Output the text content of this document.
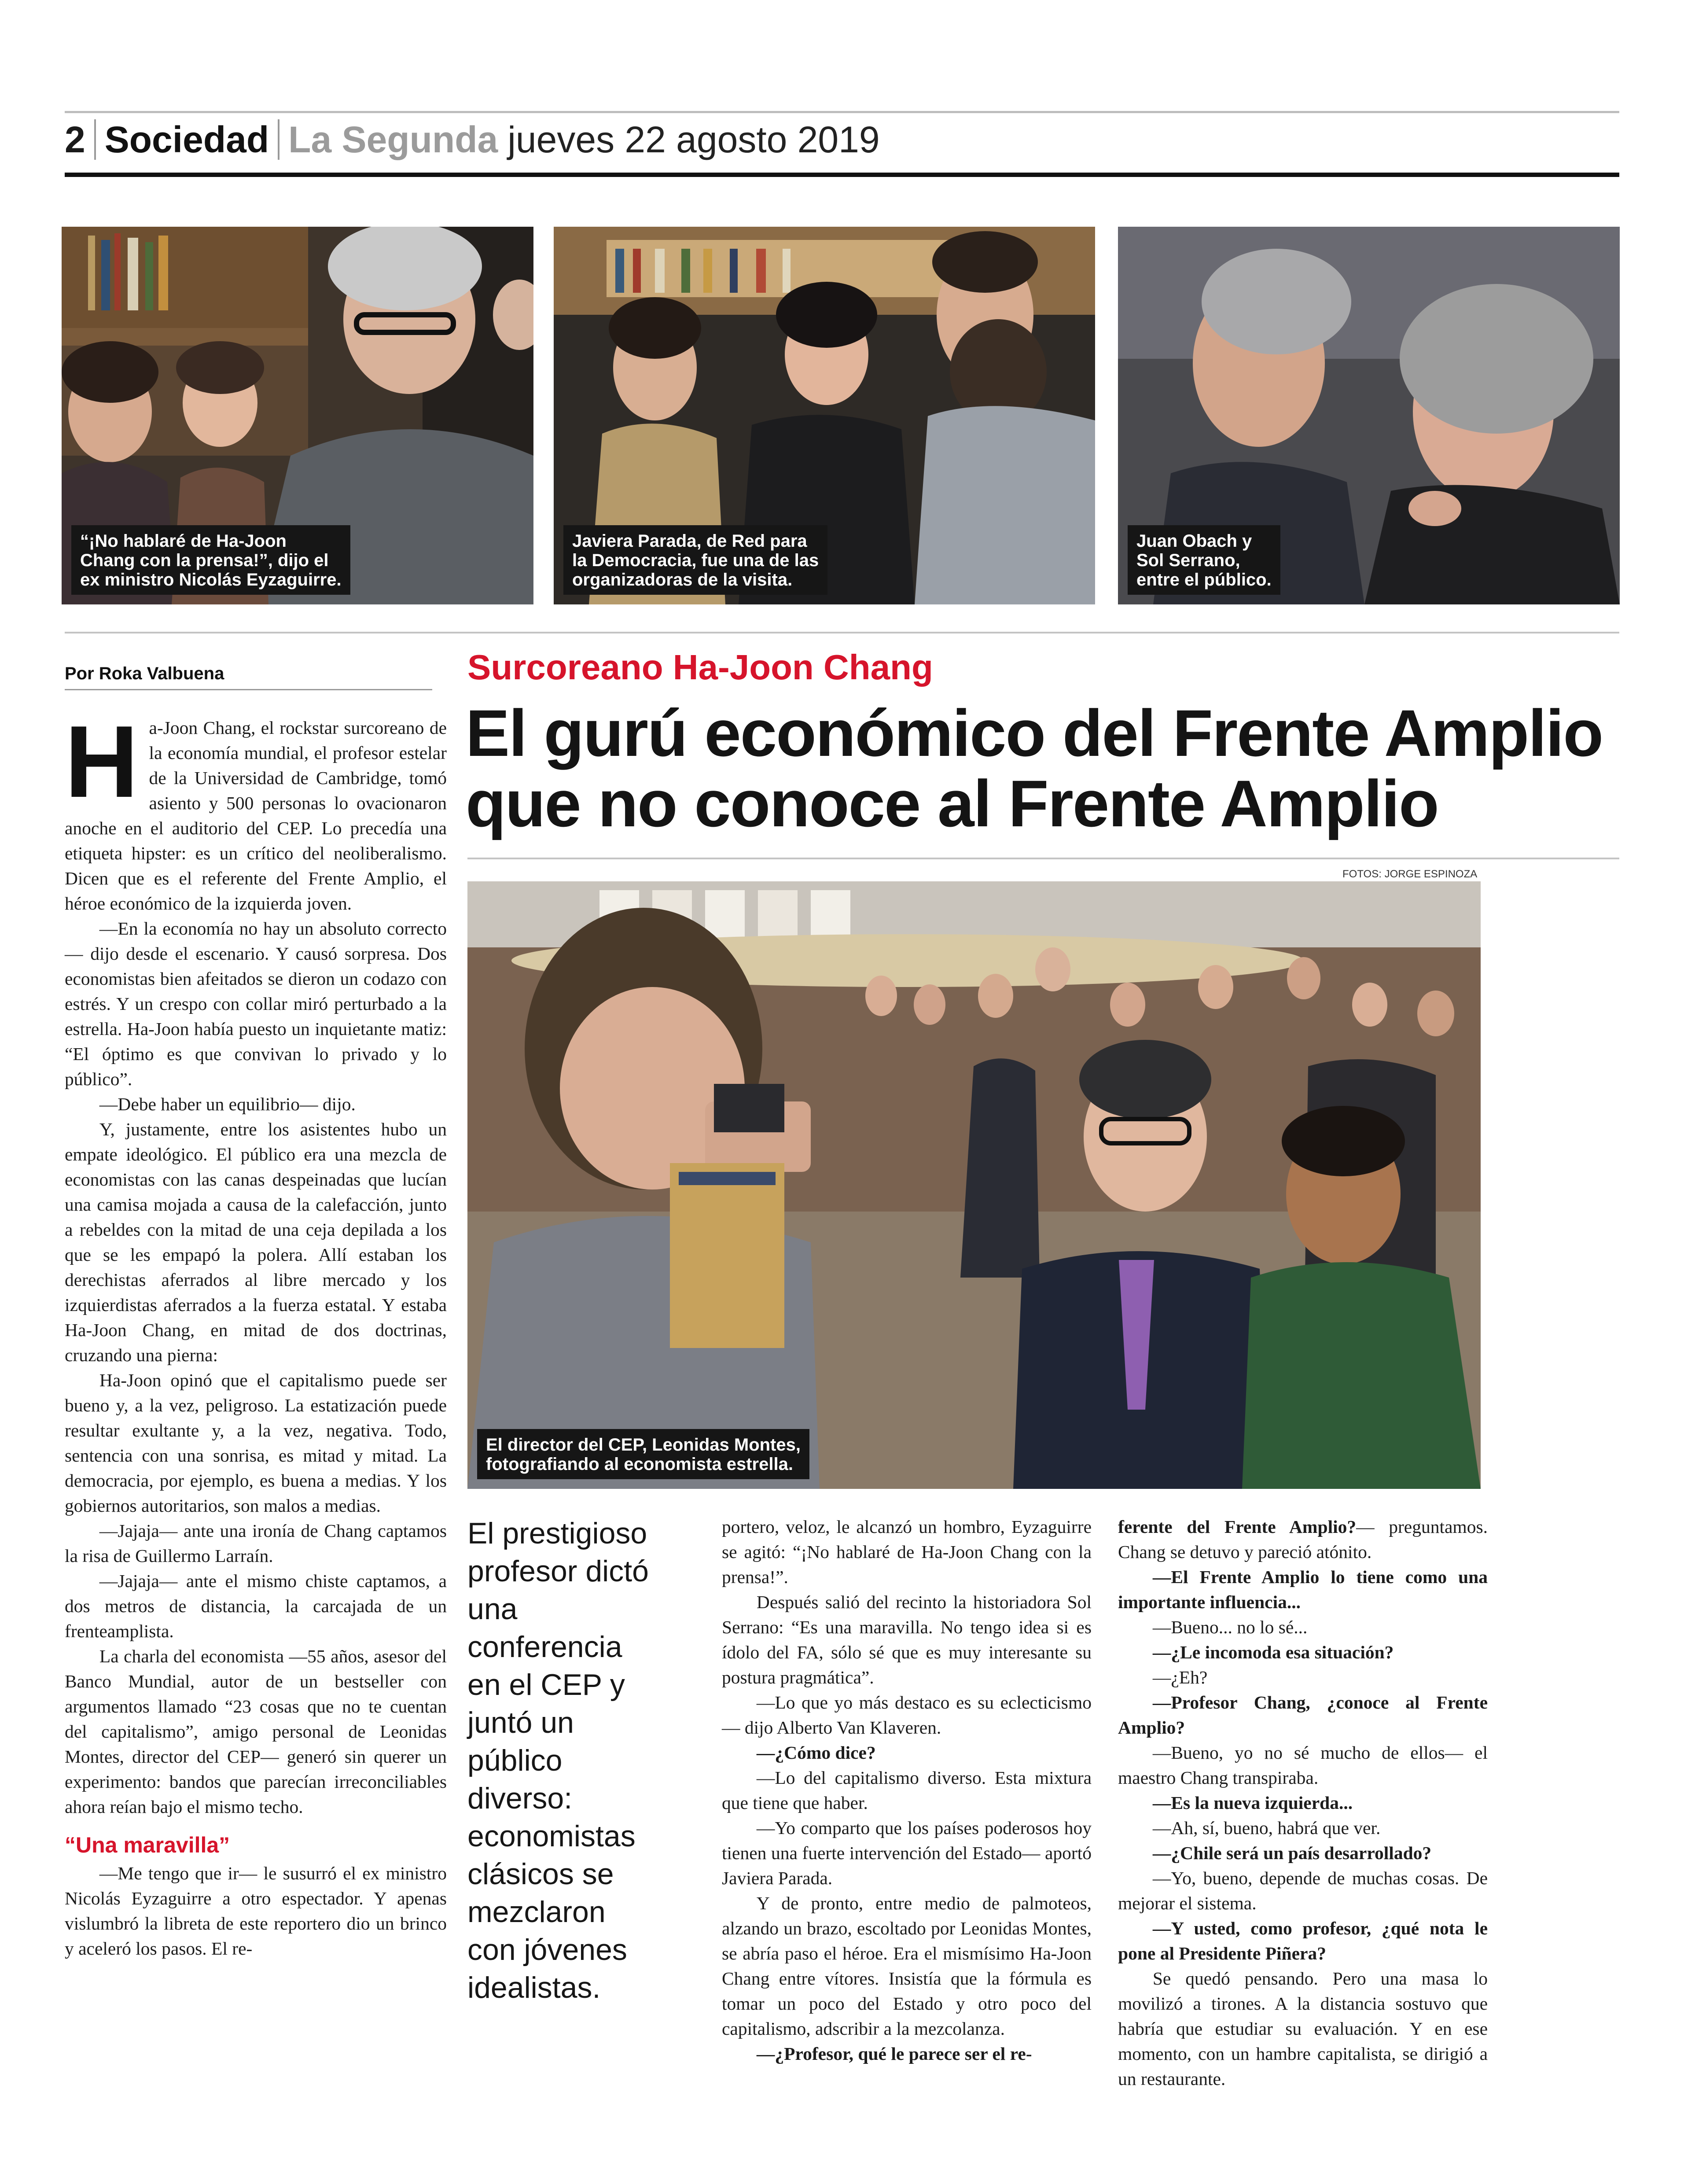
2 Sociedad La Segunda jueves 22 agosto 2019
“¡No hablaré de Ha-Joon
Chang con la prensa!”, dijo el
ex ministro Nicolás Eyzaguirre.
Javiera Parada, de Red para
la Democracia, fue una de las
organizadoras de la visita.
Juan Obach y
Sol Serrano,
entre el público.
Por Roka Valbuena	Surcoreano Ha-Joon Chang
El gurú económico del Frente Amplio
que no conoce al Frente Amplio
FOTOS: JORGE ESPINOZA
El director del CEP, Leonidas Montes,
fotografiando al economista estrella.

Ha-Joon Chang, el rockstar surcoreano de la economía mundial, el profesor estelar de la Universidad de Cambridge, tomó asiento y 500 personas lo ovacionaron anoche en el auditorio del CEP. Lo precedía una etiqueta hipster: es un crítico del neoliberalismo. Dicen que es el referente del Frente Amplio, el héroe económico de la izquierda joven.

—En la economía no hay un absoluto correcto— dijo desde el escenario. Y causó sorpresa. Dos economistas bien afeitados se dieron un codazo con estrés. Y un crespo con collar miró perturbado a la estrella. Ha-Joon había puesto un inquietante matiz: “El óptimo es que convivan lo privado y lo público”.

—Debe haber un equilibrio— dijo.

Y, justamente, entre los asistentes hubo un empate ideológico. El público era una mezcla de economistas con las canas despeinadas que lucían una camisa mojada a causa de la calefacción, junto a rebeldes con la mitad de una ceja depilada a los que se les empapó la polera. Allí estaban los derechistas aferrados al libre mercado y los izquierdistas aferrados a la fuerza estatal. Y estaba Ha-Joon Chang, en mitad de dos doctrinas, cruzando una pierna:

Ha-Joon opinó que el capitalismo puede ser bueno y, a la vez, peligroso. La estatización puede resultar exultante y, a la vez, negativa. Todo, sentencia con una sonrisa, es mitad y mitad. La democracia, por ejemplo, es buena a medias. Y los gobiernos autoritarios, son malos a medias.

—Jajaja— ante una ironía de Chang captamos la risa de Guillermo Larraín.

—Jajaja— ante el mismo chiste captamos, a dos metros de distancia, la carcajada de un frenteamplista.

La charla del economista —55 años, asesor del Banco Mundial, autor de un bestseller con argumentos llamado “23 cosas que no te cuentan del capitalismo”, amigo personal de Leonidas Montes, director del CEP— generó sin querer un experimento: bandos que parecían irreconciliables ahora reían bajo el mismo techo.

“Una maravilla”

—Me tengo que ir— le susurró el ex ministro Nicolás Eyzaguirre a otro espectador. Y apenas vislumbró la libreta de este reportero dio un brinco y aceleró los pasos. El re-

El prestigioso
profesor dictó
una
conferencia
en el CEP y
juntó un
público
diverso:
economistas
clásicos se
mezclaron
con jóvenes
idealistas.

portero, veloz, le alcanzó un hombro, Eyzaguirre se agitó: “¡No hablaré de Ha-Joon Chang con la prensa!”.

Después salió del recinto la historiadora Sol Serrano: “Es una maravilla. No tengo idea si es ídolo del FA, sólo sé que es muy interesante su postura pragmática”.

—Lo que yo más destaco es su eclecticismo— dijo Alberto Van Klaveren.

—¿Cómo dice?

—Lo del capitalismo diverso. Esta mixtura que tiene que haber.

—Yo comparto que los países poderosos hoy tienen una fuerte intervención del Estado— aportó Javiera Parada.

Y de pronto, entre medio de palmoteos, alzando un brazo, escoltado por Leonidas Montes, se abría paso el héroe. Era el mismísimo Ha-Joon Chang entre vítores. Insistía que la fórmula es tomar un poco del Estado y otro poco del capitalismo, adscribir a la mezcolanza.

—¿Profesor, qué le parece ser el re-

ferente del Frente Amplio?— preguntamos. Chang se detuvo y pareció atónito.

—El Frente Amplio lo tiene como una importante influencia...

—Bueno... no lo sé...

—¿Le incomoda esa situación?

—¿Eh?

—Profesor Chang, ¿conoce al Frente Amplio?

—Bueno, yo no sé mucho de ellos— el maestro Chang transpiraba.

—Es la nueva izquierda...

—Ah, sí, bueno, habrá que ver.

—¿Chile será un país desarrollado?

—Yo, bueno, depende de muchas cosas. De mejorar el sistema.

—Y usted, como profesor, ¿qué nota le pone al Presidente Piñera?

Se quedó pensando. Pero una masa lo movilizó a tirones. A la distancia sostuvo que habría que estudiar su evaluación. Y en ese momento, con un hambre capitalista, se dirigió a un restaurante.
